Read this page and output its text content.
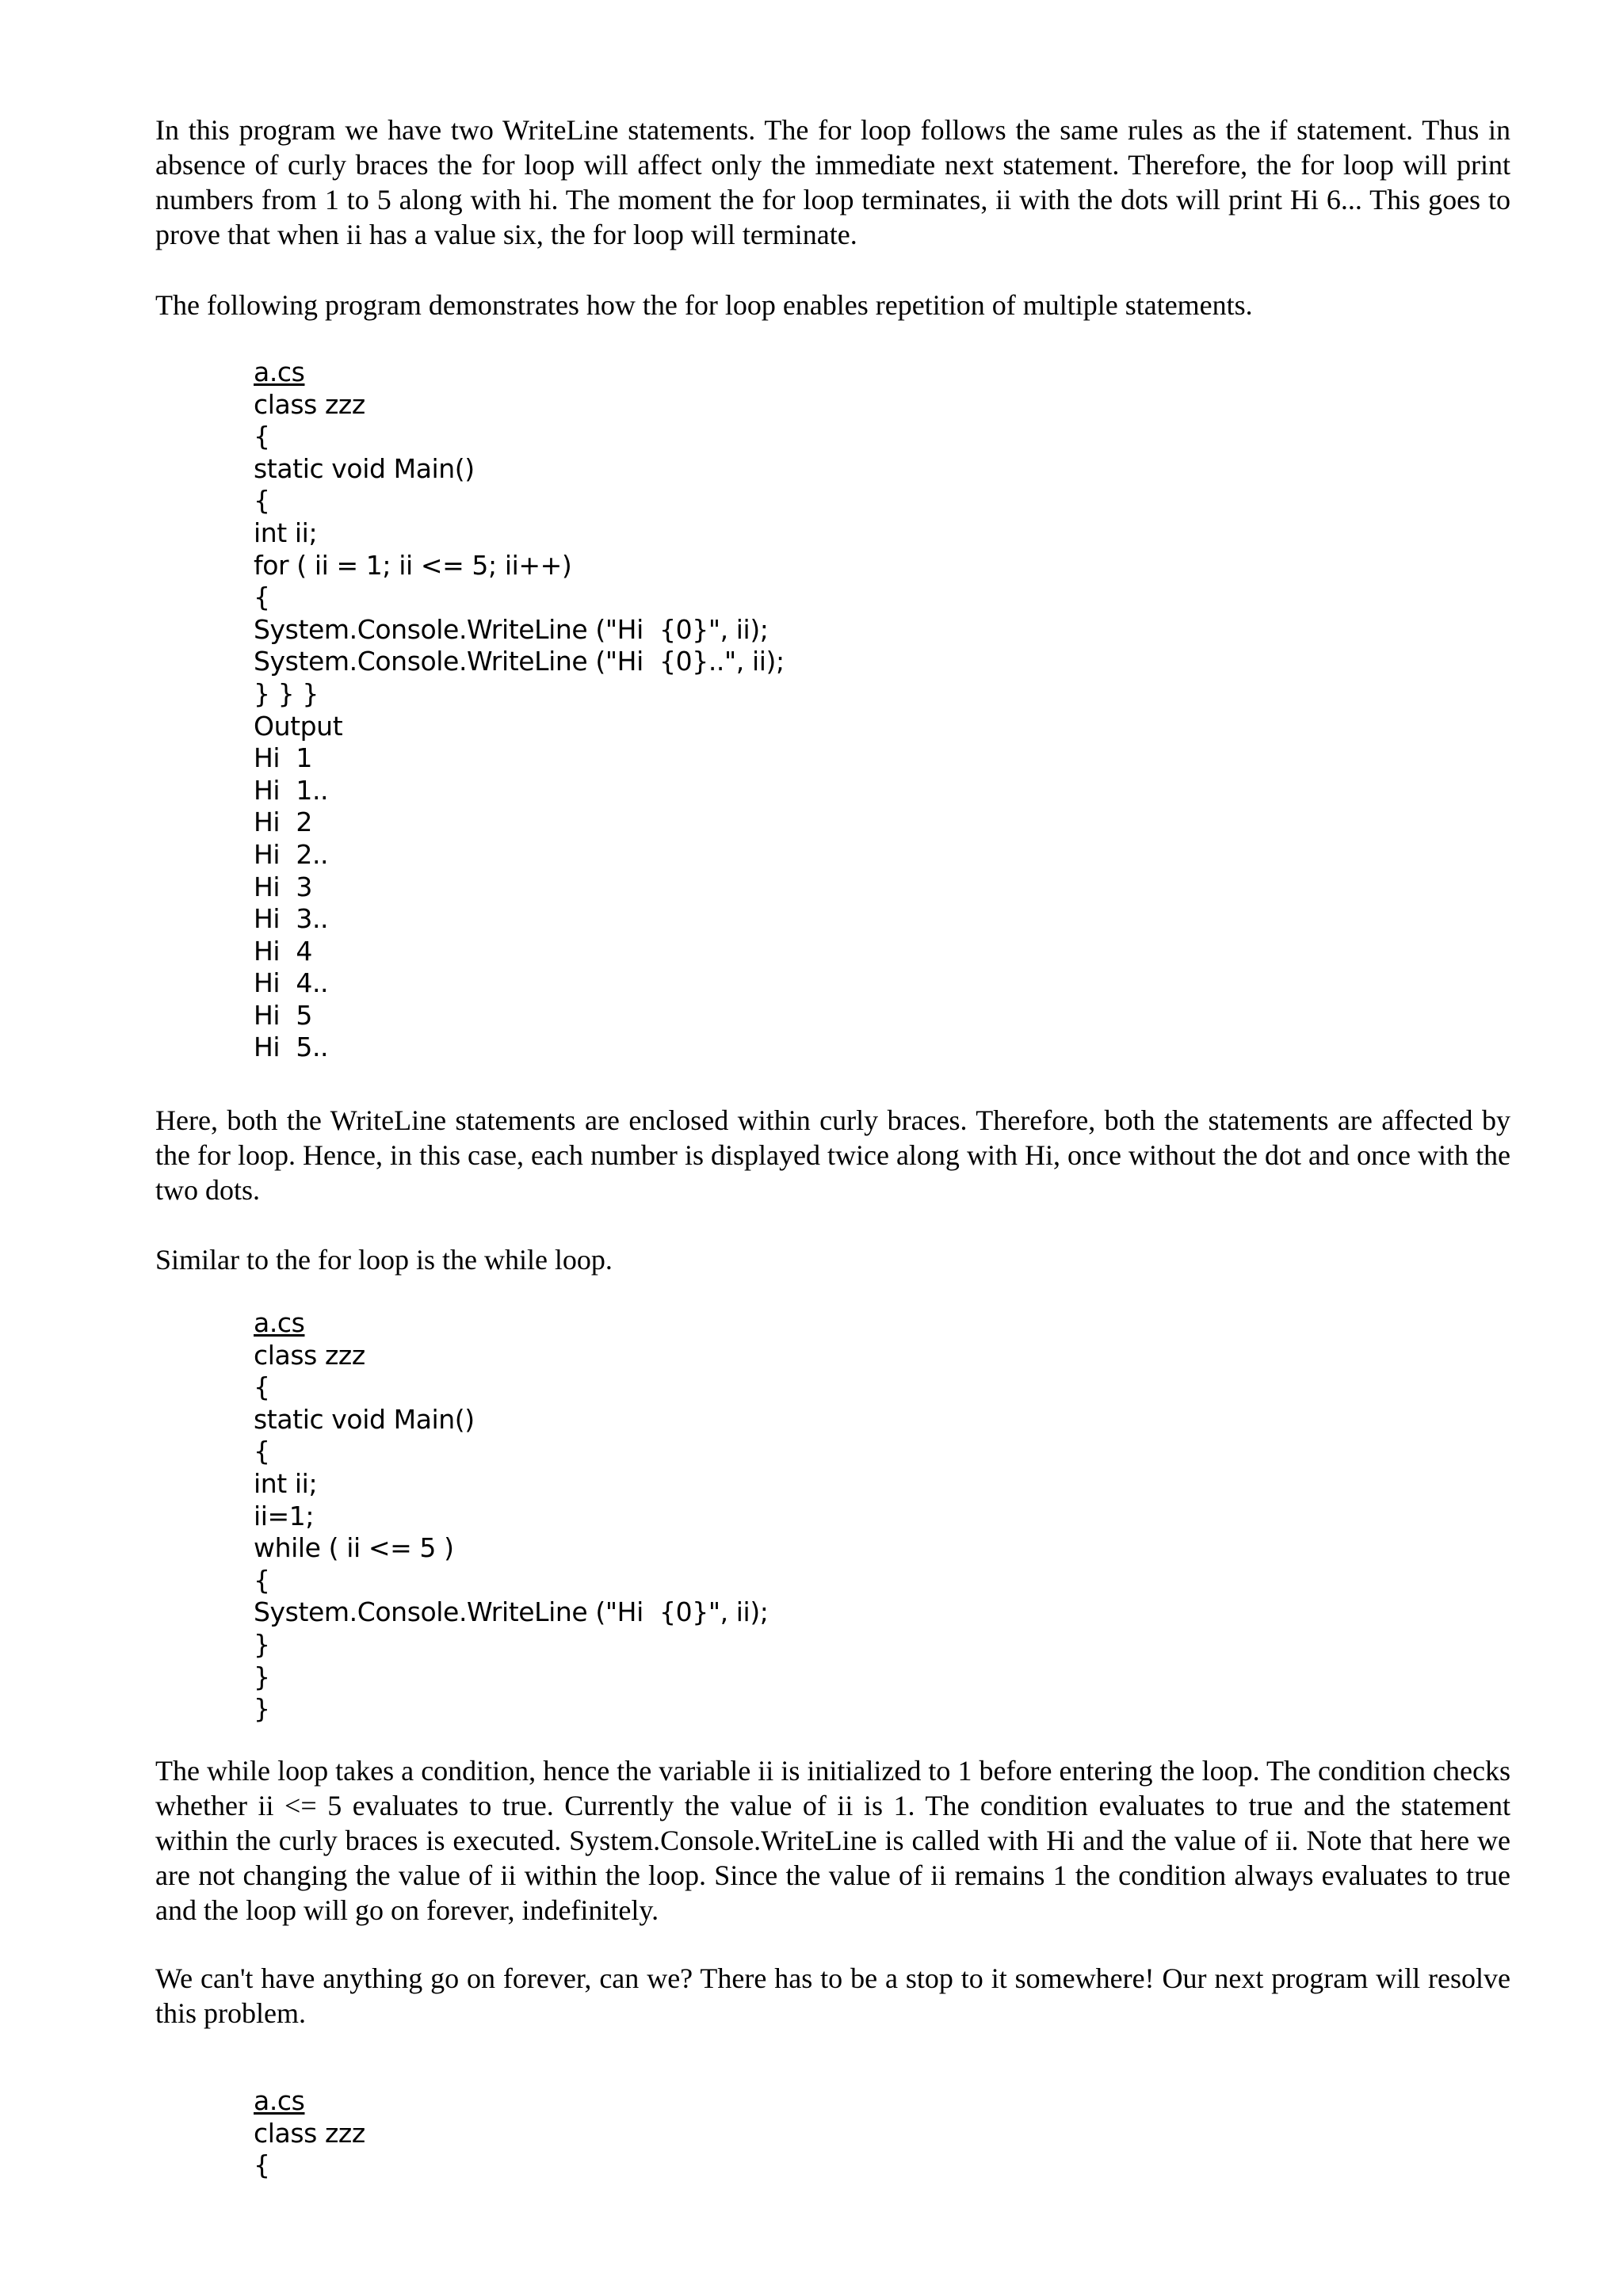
In this program we have two WriteLine statements. The for loop follows the same rules as the if statement. Thus in absence of curly braces the for loop will affect only the immediate next statement. Therefore, the for loop will print numbers from 1 to 5 along with hi. The moment the for loop terminates, ii with the dots will print Hi 6... This goes to prove that when ii has a value six, the for loop will terminate.

The following program demonstrates how the for loop enables repetition of multiple statements.

a.cs
class zzz
{
static void Main()
{
int ii;
for ( ii = 1; ii <= 5; ii++)
{
System.Console.WriteLine ("Hi  {0}", ii);
System.Console.WriteLine ("Hi  {0}..", ii);
} } }
Output
Hi  1
Hi  1..
Hi  2
Hi  2..
Hi  3
Hi  3..
Hi  4
Hi  4..
Hi  5
Hi  5..

Here, both the WriteLine statements are enclosed within curly braces. Therefore, both the statements are affected by the for loop. Hence, in this case, each number is displayed twice along with Hi, once without the dot and once with the two dots.

Similar to the for loop is the while loop.

a.cs
class zzz
{
static void Main()
{
int ii;
ii=1;
while ( ii <= 5 )
{
System.Console.WriteLine ("Hi  {0}", ii);
}
}
}

The while loop takes a condition, hence the variable ii is initialized to 1 before entering the loop. The condition checks whether ii <= 5 evaluates to true. Currently the value of ii is 1. The condition evaluates to true and the statement within the curly braces is executed. System.Console.WriteLine is called with Hi and the value of ii. Note that here we are not changing the value of ii within the loop. Since the value of ii remains 1 the condition always evaluates to true and the loop will go on forever, indefinitely.

We can't have anything go on forever, can we? There has to be a stop to it somewhere! Our next program will resolve this problem.

a.cs
class zzz
{
